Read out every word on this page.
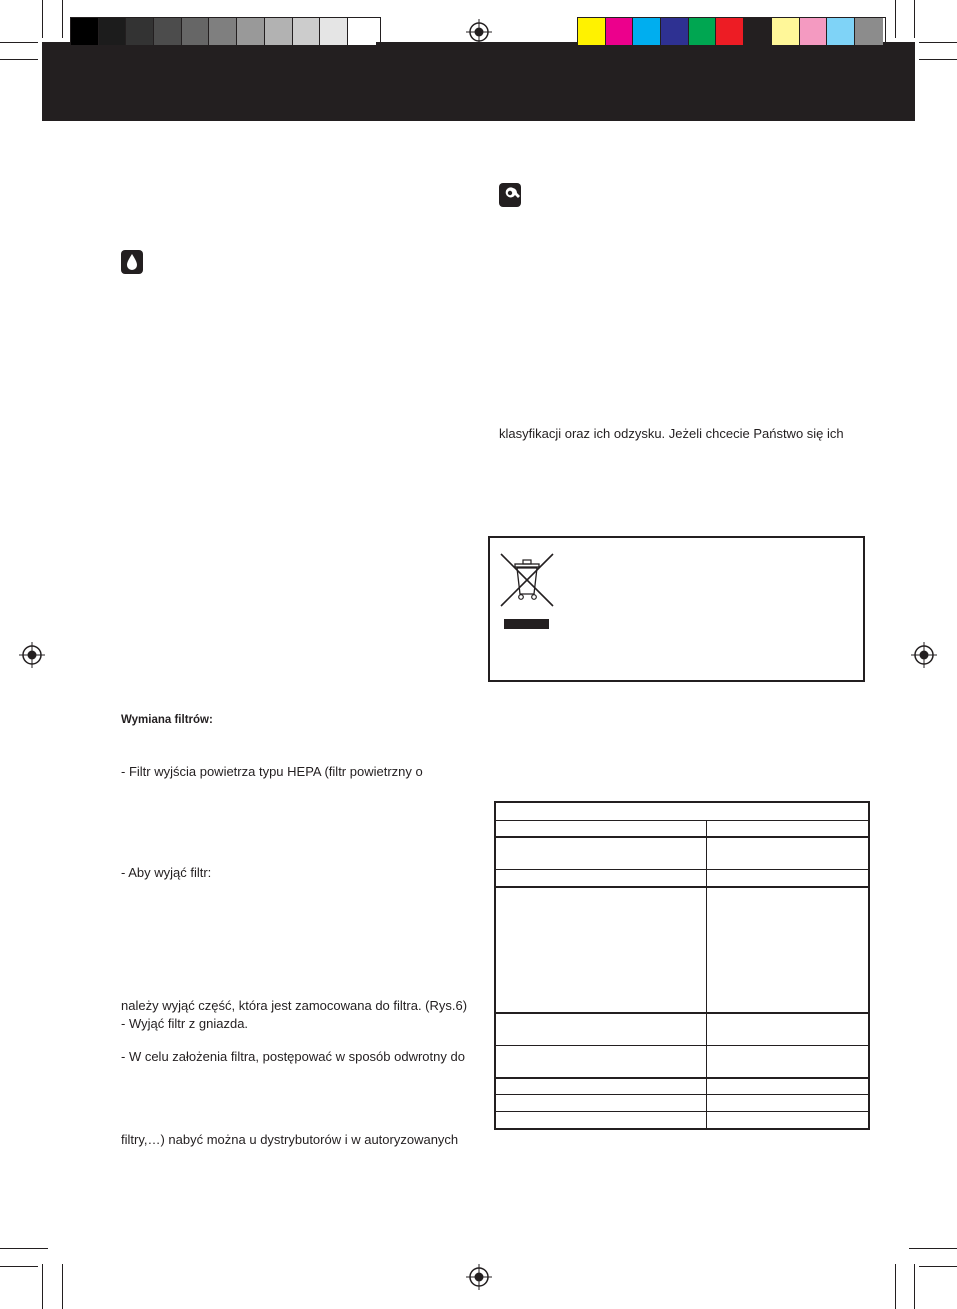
klasyfikacji oraz ich odzysku. Jeżeli chcecie Państwo się ich
Wymiana filtrów:
- Filtr wyjścia powietrza typu HEPA (filtr powietrzny o
- Aby wyjąć filtr:
należy wyjąć część, która jest zamocowana do filtra. (Rys.6)
- Wyjąć filtr z gniazda.
- W celu założenia filtra, postępować w sposób odwrotny do
filtry,…) nabyć można u dystrybutorów i w autoryzowanych
